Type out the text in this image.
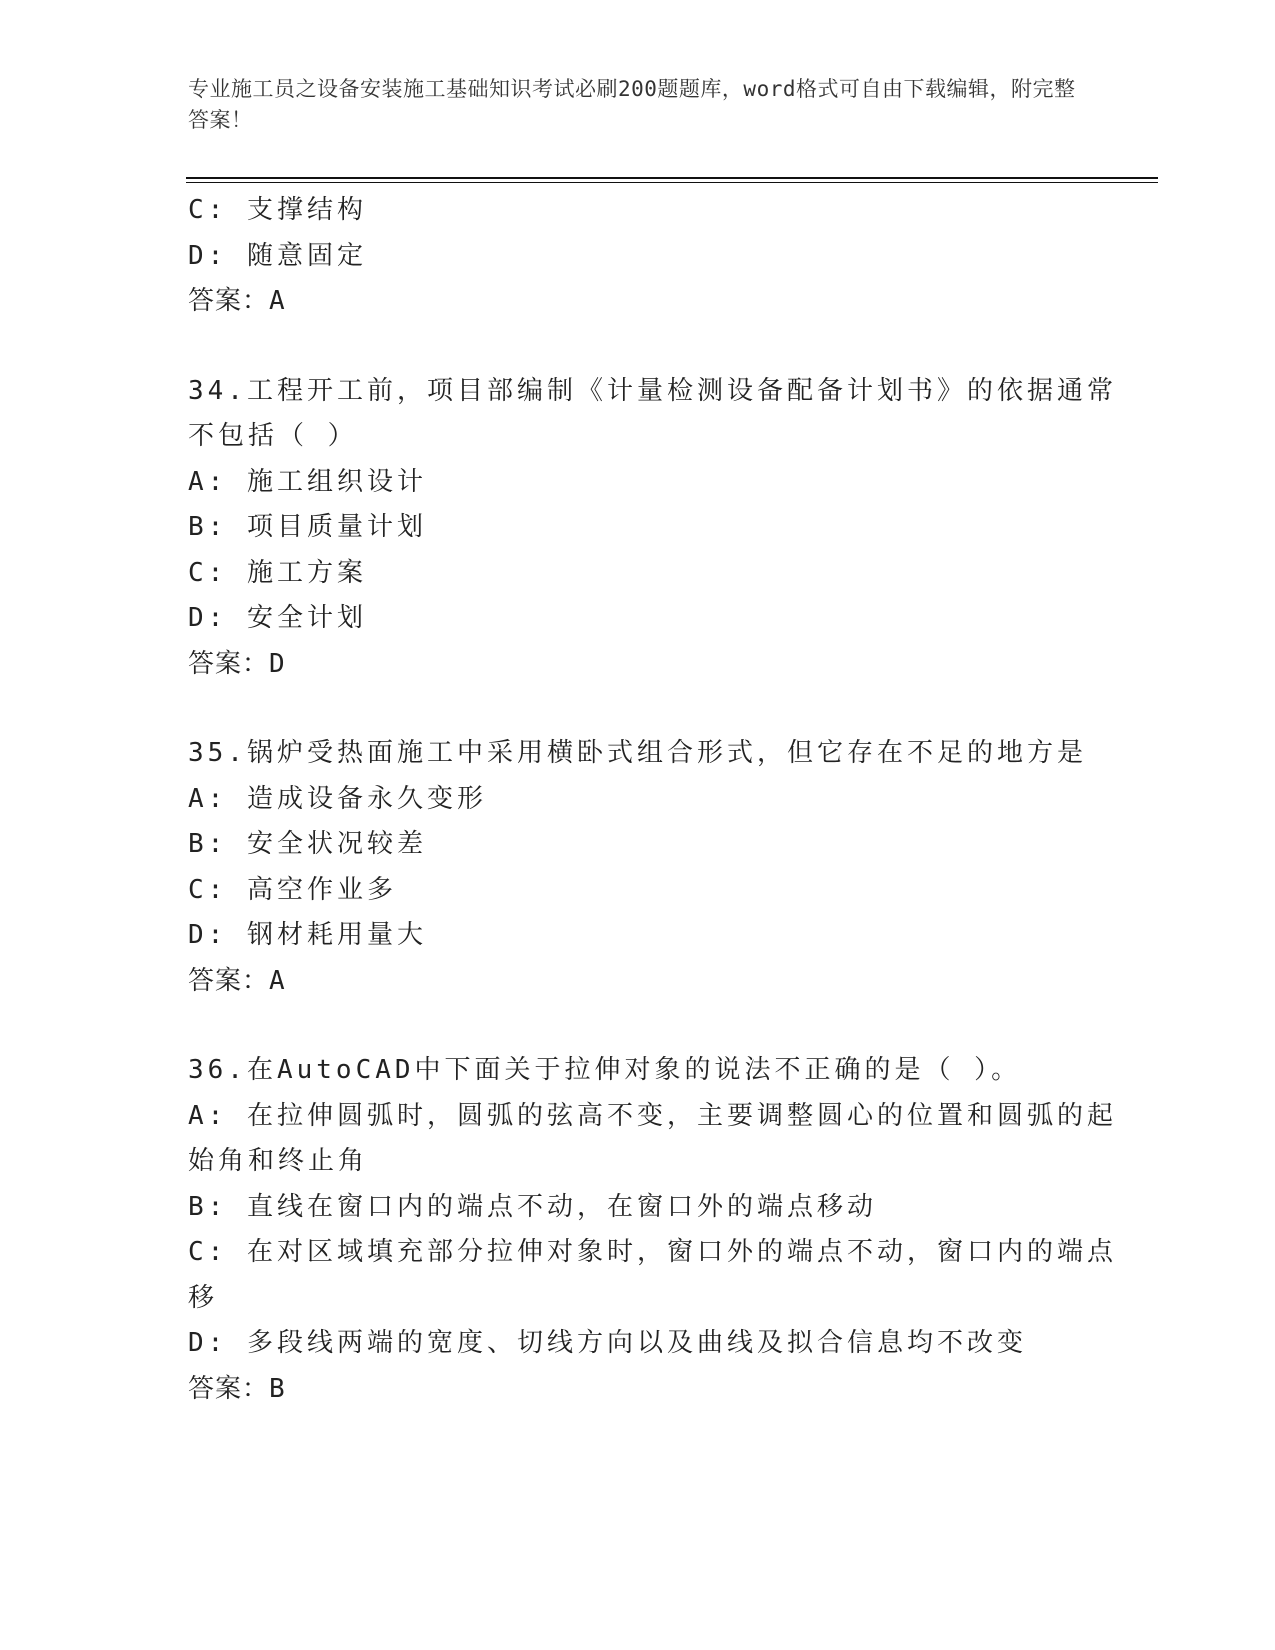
专业施工员之设备安装施工基础知识考试必刷200题题库，word格式可自由下载编辑，附完整答案！
C: 支撑结构
D: 随意固定
答案：A
34.工程开工前，项目部编制《计量检测设备配备计划书》的依据通常
不包括（ ）
A: 施工组织设计
B: 项目质量计划
C: 施工方案
D: 安全计划
答案：D
35.锅炉受热面施工中采用横卧式组合形式，但它存在不足的地方是
A: 造成设备永久变形
B: 安全状况较差
C: 高空作业多
D: 钢材耗用量大
答案：A
36.在AutoCAD中下面关于拉伸对象的说法不正确的是（ ）。
A: 在拉伸圆弧时，圆弧的弦高不变，主要调整圆心的位置和圆弧的起
始角和终止角
B: 直线在窗口内的端点不动，在窗口外的端点移动
C: 在对区域填充部分拉伸对象时，窗口外的端点不动，窗口内的端点
移
D: 多段线两端的宽度、切线方向以及曲线及拟合信息均不改变
答案：B
